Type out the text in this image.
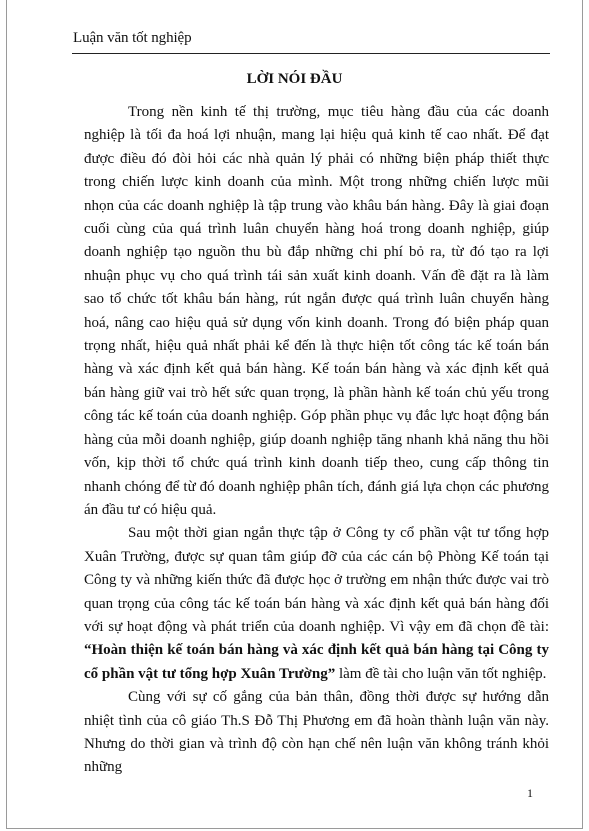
Luận văn tốt nghiệp
LỜI NÓI ĐẦU

Trong nền kinh tế thị trường, mục tiêu hàng đầu của các doanh nghiệp là tối đa hoá lợi nhuận, mang lại hiệu quả kinh tế cao nhất. Để đạt được điều đó đòi hỏi các nhà quản lý phải có những biện pháp thiết thực trong chiến lược kinh doanh của mình. Một trong những chiến lược mũi nhọn của các doanh nghiệp là tập trung vào khâu bán hàng. Đây là giai đoạn cuối cùng của quá trình luân chuyển hàng hoá trong doanh nghiệp, giúp doanh nghiệp tạo nguồn thu bù đắp những chi phí bỏ ra, từ đó tạo ra lợi nhuận phục vụ cho quá trình tái sản xuất kinh doanh. Vấn đề đặt ra là làm sao tổ chức tốt khâu bán hàng, rút ngắn được quá trình luân chuyển hàng hoá, nâng cao hiệu quả sử dụng vốn kinh doanh. Trong đó biện pháp quan trọng nhất, hiệu quả nhất phải kể đến là thực hiện tốt công tác kế toán bán hàng và xác định kết quả bán hàng. Kế toán bán hàng và xác định kết quả bán hàng giữ vai trò hết sức quan trọng, là phần hành kế toán chủ yếu trong công tác kế toán của doanh nghiệp. Góp phần phục vụ đắc lực hoạt động bán hàng của mỗi doanh nghiệp, giúp doanh nghiệp tăng nhanh khả năng thu hồi vốn, kịp thời tổ chức quá trình kinh doanh tiếp theo, cung cấp thông tin nhanh chóng để từ đó doanh nghiệp phân tích, đánh giá lựa chọn các phương án đầu tư có hiệu quả.

Sau một thời gian ngắn thực tập ở Công ty cổ phần vật tư tổng hợp Xuân Trường, được sự quan tâm giúp đỡ của các cán bộ Phòng Kế toán tại Công ty và những kiến thức đã được học ở trường em nhận thức được vai trò quan trọng của công tác kế toán bán hàng và xác định kết quả bán hàng đối với sự hoạt động và phát triển của doanh nghiệp. Vì vậy em đã chọn đề tài: “Hoàn thiện kế toán bán hàng và xác định kết quả bán hàng tại Công ty cổ phần vật tư tổng hợp Xuân Trường” làm đề tài cho luận văn tốt nghiệp.

Cùng với sự cố gắng của bản thân, đồng thời được sự hướng dẫn nhiệt tình của cô giáo Th.S Đỗ Thị Phương em đã hoàn thành luận văn này. Nhưng do thời gian và trình độ còn hạn chế nên luận văn không tránh khỏi những

1
